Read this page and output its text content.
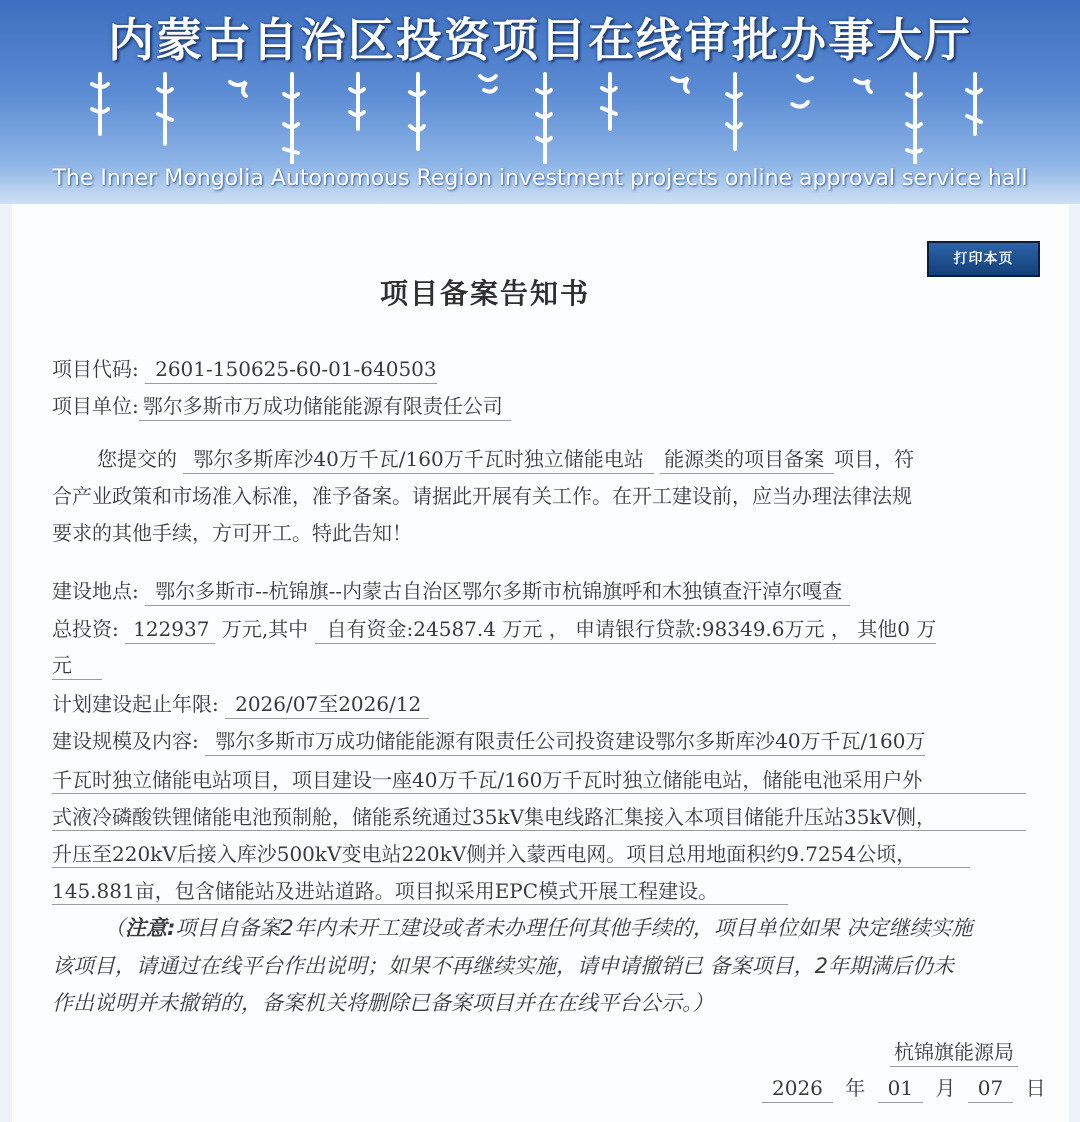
内蒙古自治区投资项目在线审批办事大厅
The Inner Mongolia Autonomous Region investment projects online approval service hall
打印本页
项目备案告知书
项目代码: 2601-150625-60-01-640503
项目单位: 鄂尔多斯市万成功储能能源有限责任公司
您提交的 鄂尔多斯库沙40万千瓦/160万千瓦时独立储能电站 能源类的项目备案 项目，符
合产业政策和市场准入标准，准予备案。请据此开展有关工作。在开工建设前，应当办理法律法规
要求的其他手续，方可开工。特此告知！
建设地点: 鄂尔多斯市--杭锦旗--内蒙古自治区鄂尔多斯市杭锦旗呼和木独镇查汗淖尔嘎查
总投资: 122937 万元,其中 自有资金:24587.4 万元 ， 申请银行贷款:98349.6万元 ， 其他0 万
元
计划建设起止年限: 2026/07至2026/12
建设规模及内容: 鄂尔多斯市万成功储能能源有限责任公司投资建设鄂尔多斯库沙40万千瓦/160万
千瓦时独立储能电站项目，项目建设一座40万千瓦/160万千瓦时独立储能电站，储能电池采用户外
式液冷磷酸铁锂储能电池预制舱，储能系统通过35kV集电线路汇集接入本项目储能升压站35kV侧，
升压至220kV后接入库沙500kV变电站220kV侧并入蒙西电网。项目总用地面积约9.7254公顷，
145.881亩，包含储能站及进站道路。项目拟采用EPC模式开展工程建设。
（注意:项目自备案2年内未开工建设或者未办理任何其他手续的，项目单位如果 决定继续实施
该项目，请通过在线平台作出说明；如果不再继续实施，请申请撤销已 备案项目，2年期满后仍未
作出说明并未撤销的，备案机关将删除已备案项目并在在线平台公示。）
杭锦旗能源局
2026 年 01 月 07 日
